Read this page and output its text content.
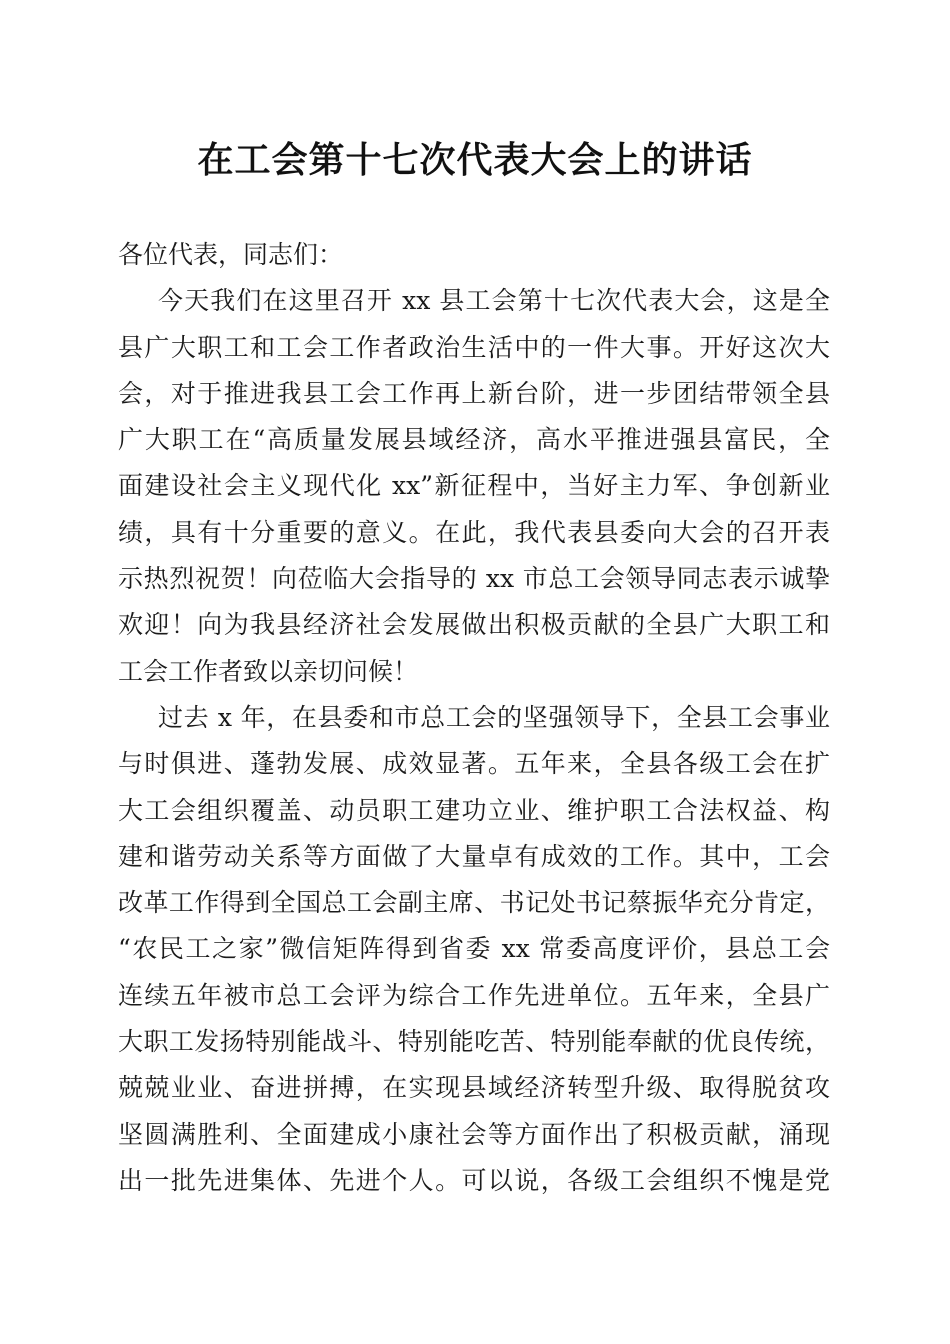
在工会第十七次代表大会上的讲话
各位代表，同志们：
今天我们在这里召开 xx 县工会第十七次代表大会，这是全
县广大职工和工会工作者政治生活中的一件大事。开好这次大
会，对于推进我县工会工作再上新台阶，进一步团结带领全县
广大职工在“高质量发展县域经济，高水平推进强县富民，全
面建设社会主义现代化 xx”新征程中，当好主力军、争创新业
绩，具有十分重要的意义。在此，我代表县委向大会的召开表
示热烈祝贺！向莅临大会指导的 xx 市总工会领导同志表示诚挚
欢迎！向为我县经济社会发展做出积极贡献的全县广大职工和
工会工作者致以亲切问候！
过去 x 年，在县委和市总工会的坚强领导下，全县工会事业
与时俱进、蓬勃发展、成效显著。五年来，全县各级工会在扩
大工会组织覆盖、动员职工建功立业、维护职工合法权益、构
建和谐劳动关系等方面做了大量卓有成效的工作。其中，工会
改革工作得到全国总工会副主席、书记处书记蔡振华充分肯定，
“农民工之家”微信矩阵得到省委 xx 常委高度评价，县总工会
连续五年被市总工会评为综合工作先进单位。五年来，全县广
大职工发扬特别能战斗、特别能吃苦、特别能奉献的优良传统，
兢兢业业、奋进拼搏，在实现县域经济转型升级、取得脱贫攻
坚圆满胜利、全面建成小康社会等方面作出了积极贡献，涌现
出一批先进集体、先进个人。可以说，各级工会组织不愧是党
